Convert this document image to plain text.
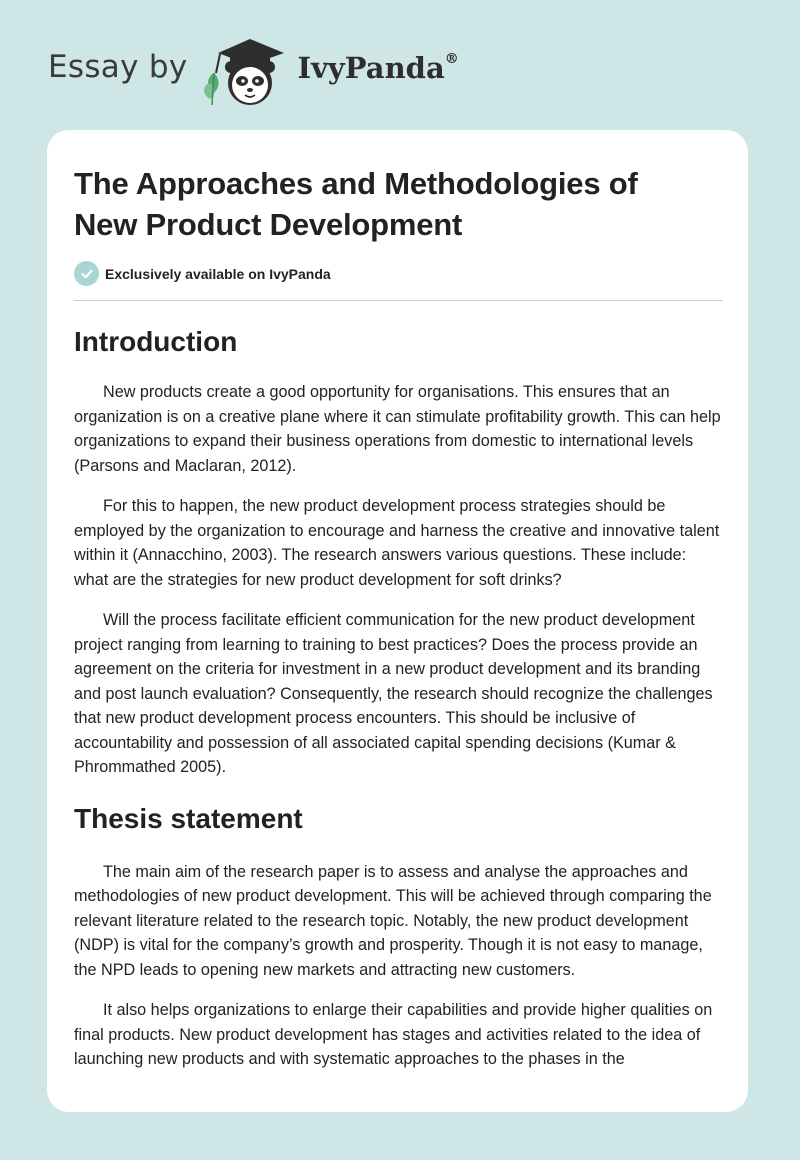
Essay by	IvyPanda®
The Approaches and Methodologies of
New Product Development
Exclusively available on IvyPanda
Introduction

New products create a good opportunity for organisations. This ensures that an organization is on a creative plane where it can stimulate profitability growth. This can help organizations to expand their business operations from domestic to international levels (Parsons and Maclaran, 2012).

For this to happen, the new product development process strategies should be employed by the organization to encourage and harness the creative and innovative talent within it (Annacchino, 2003). The research answers various questions. These include: what are the strategies for new product development for soft drinks?

Will the process facilitate efficient communication for the new product development project ranging from learning to training to best practices? Does the process provide an agreement on the criteria for investment in a new product development and its branding and post launch evaluation? Consequently, the research should recognize the challenges that new product development process encounters. This should be inclusive of accountability and possession of all associated capital spending decisions (Kumar & Phrommathed 2005).

Thesis statement

The main aim of the research paper is to assess and analyse the approaches and methodologies of new product development. This will be achieved through comparing the relevant literature related to the research topic. Notably, the new product development (NDP) is vital for the company’s growth and prosperity. Though it is not easy to manage, the NPD leads to opening new markets and attracting new customers.

It also helps organizations to enlarge their capabilities and provide higher qualities on final products. New product development has stages and activities related to the idea of launching new products and with systematic approaches to the phases in the
